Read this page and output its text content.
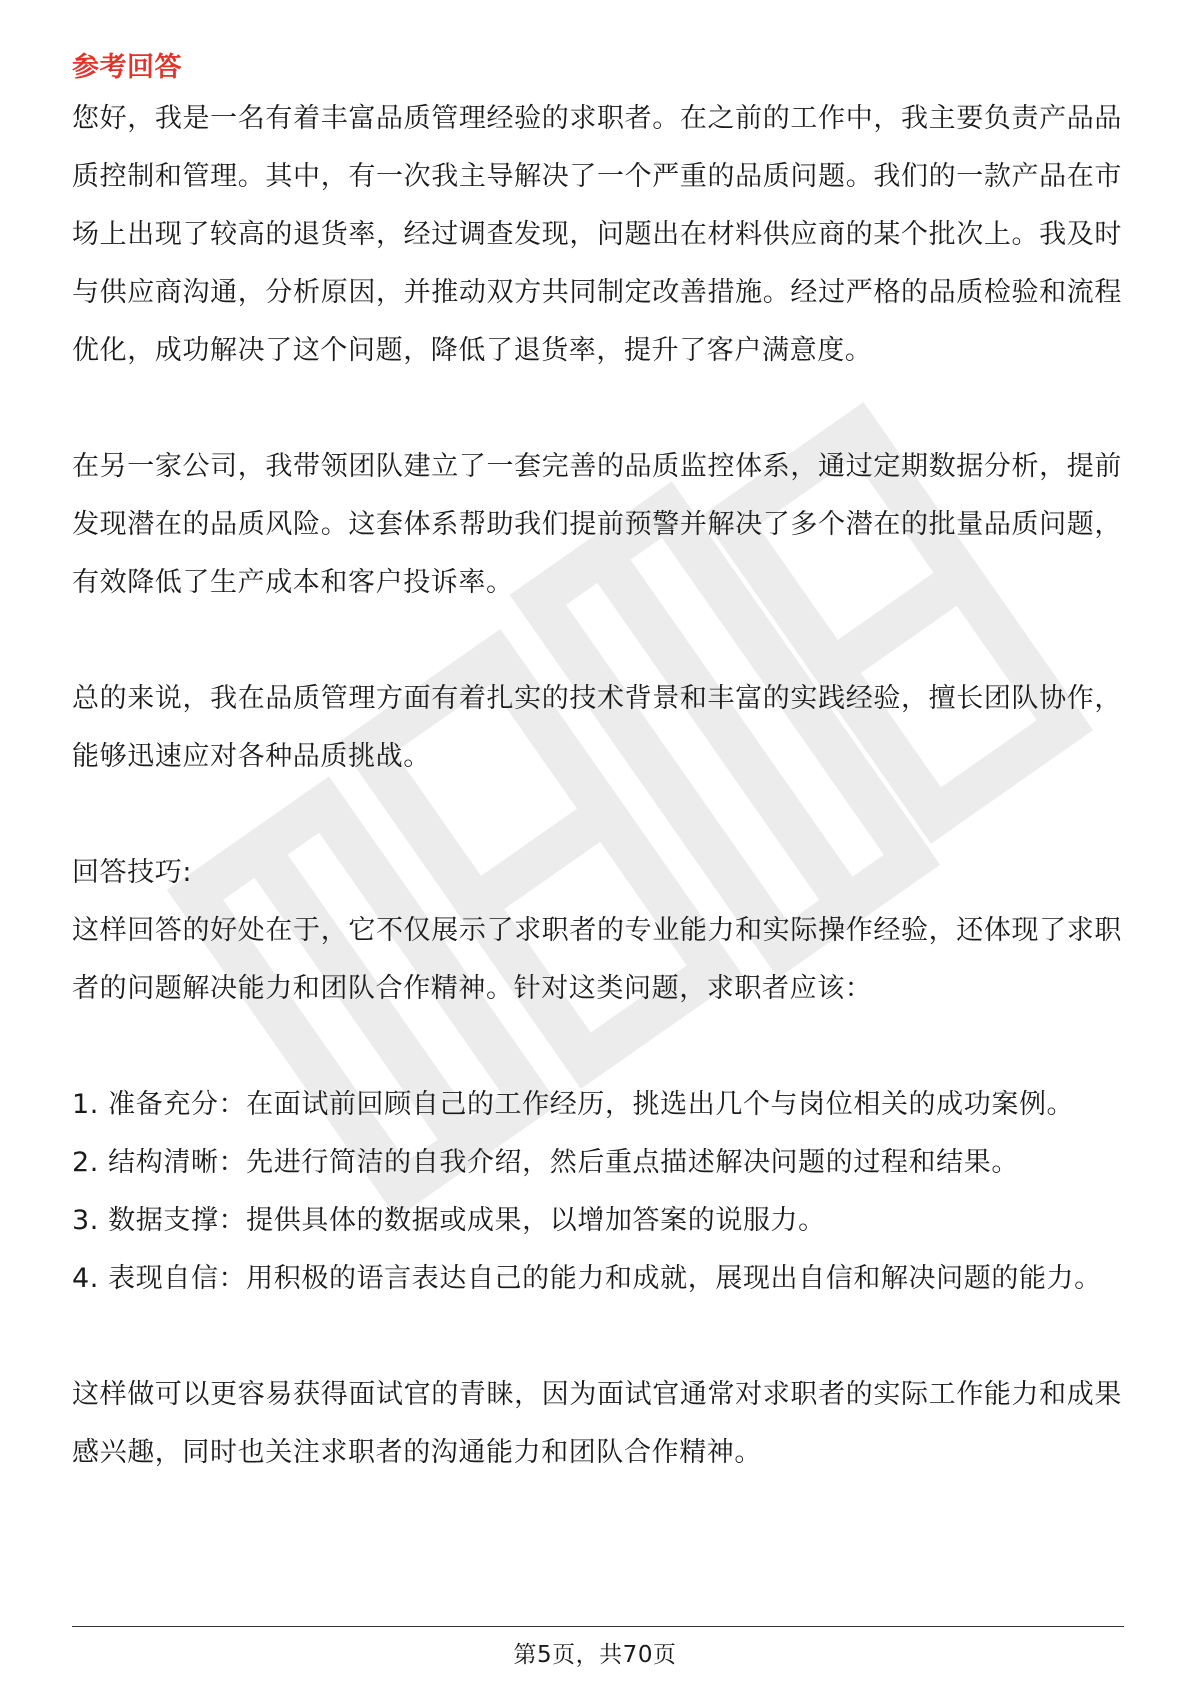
参考回答

您好，我是一名有着丰富品质管理经验的求职者。在之前的工作中，我主要负责产品品质控制和管理。其中，有一次我主导解决了一个严重的品质问题。我们的一款产品在市场上出现了较高的退货率，经过调查发现，问题出在材料供应商的某个批次上。我及时与供应商沟通，分析原因，并推动双方共同制定改善措施。经过严格的品质检验和流程优化，成功解决了这个问题，降低了退货率，提升了客户满意度。

在另一家公司，我带领团队建立了一套完善的品质监控体系，通过定期数据分析，提前发现潜在的品质风险。这套体系帮助我们提前预警并解决了多个潜在的批量品质问题，有效降低了生产成本和客户投诉率。

总的来说，我在品质管理方面有着扎实的技术背景和丰富的实践经验，擅长团队协作，能够迅速应对各种品质挑战。

回答技巧:

这样回答的好处在于，它不仅展示了求职者的专业能力和实际操作经验，还体现了求职者的问题解决能力和团队合作精神。针对这类问题，求职者应该：

1. 准备充分：在面试前回顾自己的工作经历，挑选出几个与岗位相关的成功案例。

2. 结构清晰：先进行简洁的自我介绍，然后重点描述解决问题的过程和结果。

3. 数据支撑：提供具体的数据或成果，以增加答案的说服力。

4. 表现自信：用积极的语言表达自己的能力和成就，展现出自信和解决问题的能力。

这样做可以更容易获得面试官的青睐，因为面试官通常对求职者的实际工作能力和成果感兴趣，同时也关注求职者的沟通能力和团队合作精神。

第5页，共70页
